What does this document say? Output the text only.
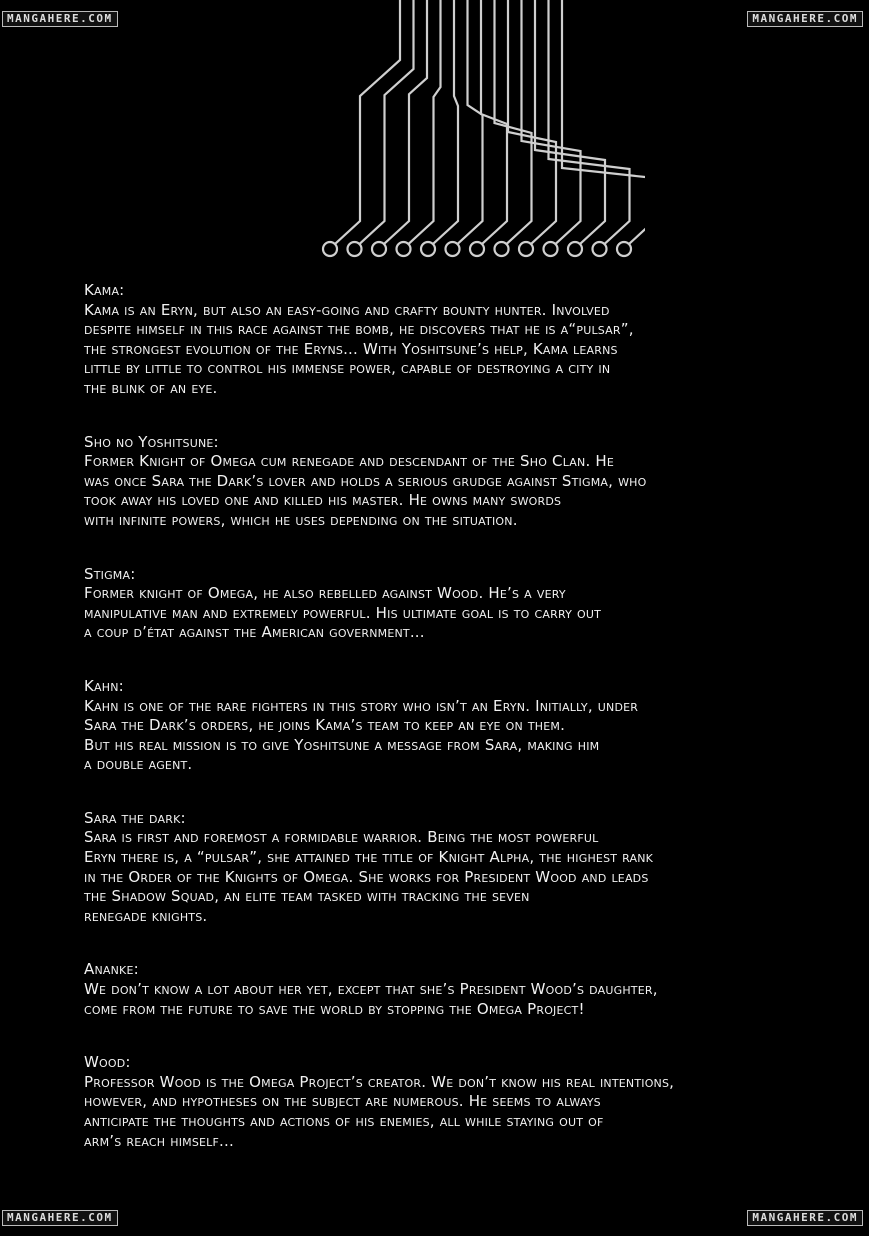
MANGAHERE.COM	MANGAHERE.COM
Kama:
Kama is an Eryn, but also an easy-going and crafty bounty hunter. Involved
despite himself in this race against the bomb, he discovers that he is a“pulsar”,
the strongest evolution of the Eryns... With Yoshitsune’s help, Kama learns
little by little to control his immense power, capable of destroying a city in
the blink of an eye.
Sho no Yoshitsune:
Former Knight of Omega cum renegade and descendant of the Sho Clan. He
was once Sara the Dark’s lover and holds a serious grudge against Stigma, who
took away his loved one and killed his master. He owns many swords
with infinite powers, which he uses depending on the situation.
Stigma:
Former knight of Omega, he also rebelled against Wood. He’s a very
manipulative man and extremely powerful. His ultimate goal is to carry out
a coup d’état against the American government...
Kahn:
Kahn is one of the rare fighters in this story who isn’t an Eryn. Initially, under
Sara the Dark’s orders, he joins Kama’s team to keep an eye on them.
But his real mission is to give Yoshitsune a message from Sara, making him
a double agent.
Sara the dark:
Sara is first and foremost a formidable warrior. Being the most powerful
Eryn there is, a “pulsar”, she attained the title of Knight Alpha, the highest rank
in the Order of the Knights of Omega. She works for President Wood and leads
the Shadow Squad, an elite team tasked with tracking the seven
renegade knights.
Ananke:
We don’t know a lot about her yet, except that she’s President Wood’s daughter,
come from the future to save the world by stopping the Omega Project!
Wood:
Professor Wood is the Omega Project’s creator. We don’t know his real intentions,
however, and hypotheses on the subject are numerous. He seems to always
anticipate the thoughts and actions of his enemies, all while staying out of
arm’s reach himself...
MANGAHERE.COM	MANGAHERE.COM
